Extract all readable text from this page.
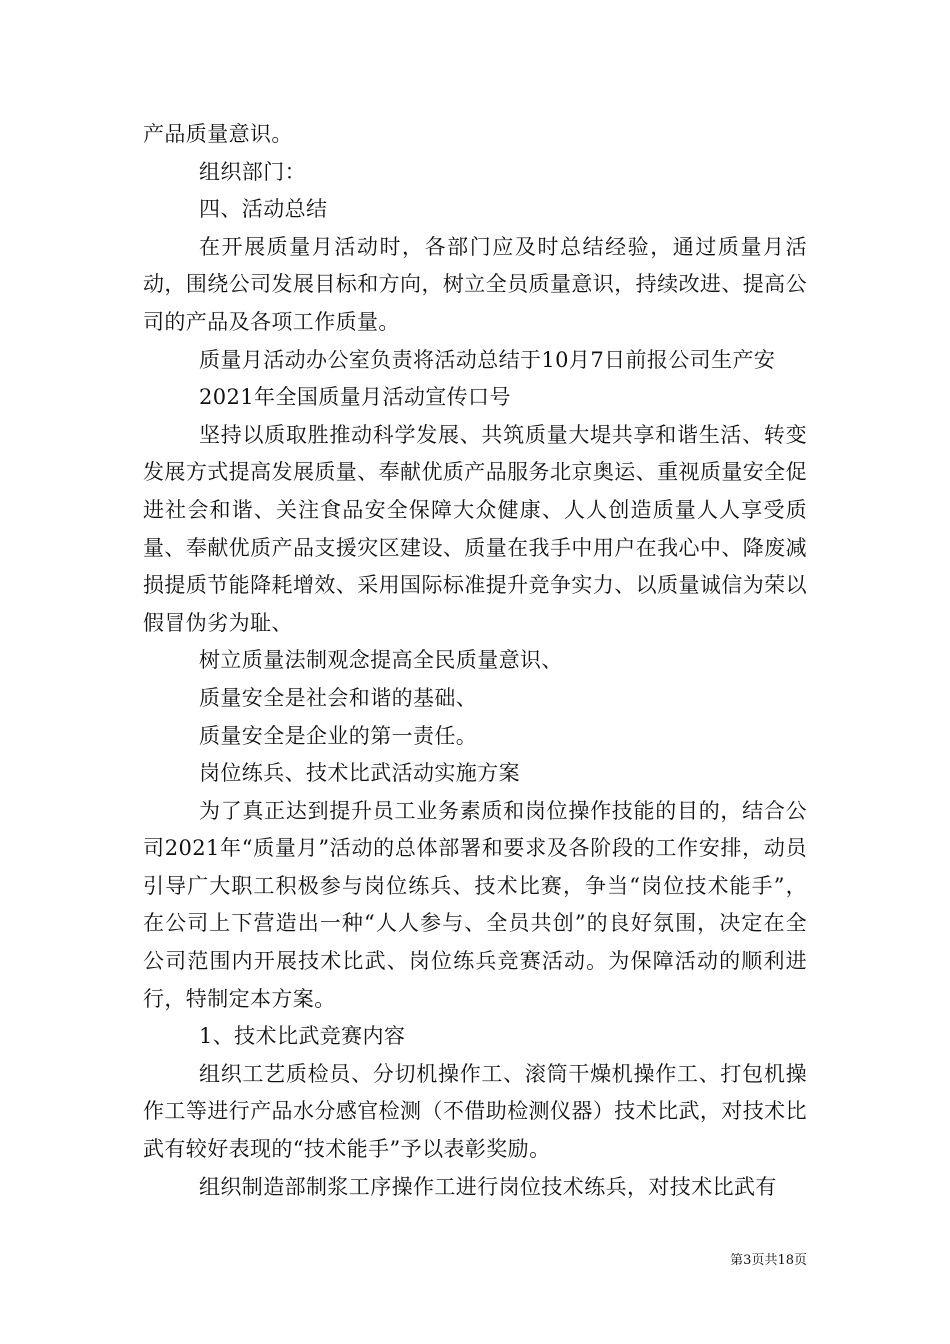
产品质量意识。

组织部门：

四、活动总结

在开展质量月活动时，各部门应及时总结经验，通过质量月活动，围绕公司发展目标和方向，树立全员质量意识，持续改进、提高公司的产品及各项工作质量。

质量月活动办公室负责将活动总结于10月7日前报公司生产安

2021年全国质量月活动宣传口号

坚持以质取胜推动科学发展、共筑质量大堤共享和谐生活、转变发展方式提高发展质量、奉献优质产品服务北京奥运、重视质量安全促进社会和谐、关注食品安全保障大众健康、人人创造质量人人享受质量、奉献优质产品支援灾区建设、质量在我手中用户在我心中、降废减损提质节能降耗增效、采用国际标准提升竞争实力、以质量诚信为荣以假冒伪劣为耻、

树立质量法制观念提高全民质量意识、

质量安全是社会和谐的基础、

质量安全是企业的第一责任。

岗位练兵、技术比武活动实施方案

为了真正达到提升员工业务素质和岗位操作技能的目的，结合公司2021年“质量月”活动的总体部署和要求及各阶段的工作安排，动员引导广大职工积极参与岗位练兵、技术比赛，争当“岗位技术能手”，在公司上下营造出一种“人人参与、全员共创”的良好氛围，决定在全公司范围内开展技术比武、岗位练兵竞赛活动。为保障活动的顺利进行，特制定本方案。

1、技术比武竞赛内容

组织工艺质检员、分切机操作工、滚筒干燥机操作工、打包机操作工等进行产品水分感官检测（不借助检测仪器）技术比武，对技术比武有较好表现的“技术能手”予以表彰奖励。

组织制造部制浆工序操作工进行岗位技术练兵，对技术比武有

第3页共18页
